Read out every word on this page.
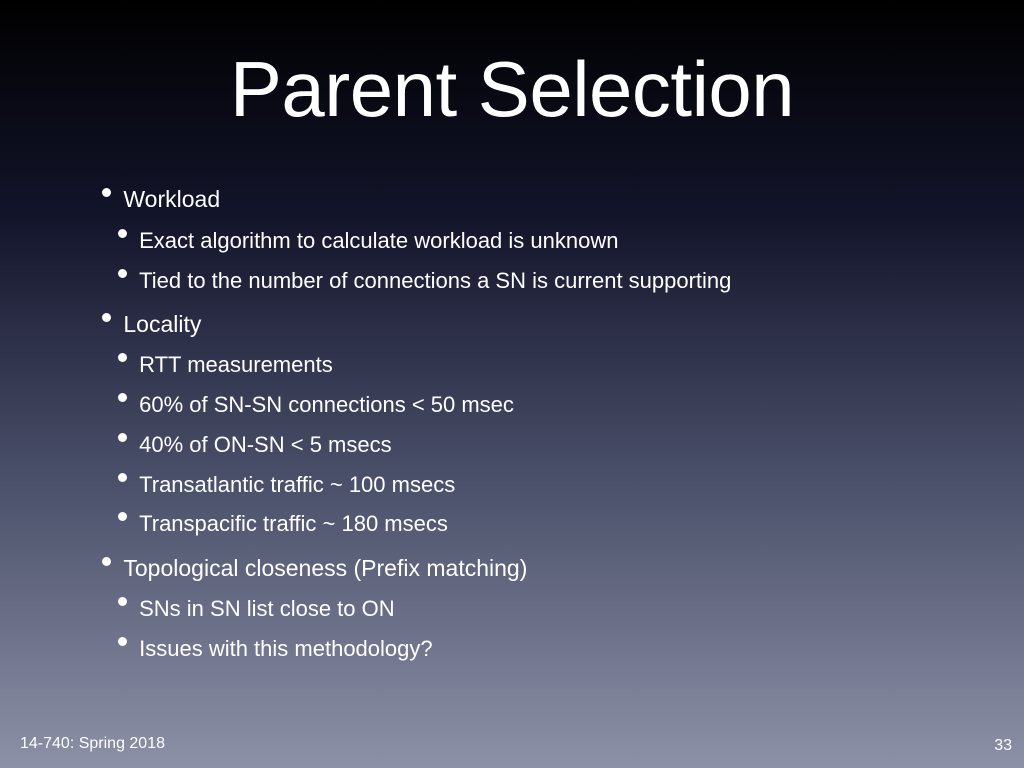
Parent Selection
Workload
Exact algorithm to calculate workload is unknown
Tied to the number of connections a SN is current supporting
Locality
RTT measurements
60% of SN-SN connections < 50 msec
40% of ON-SN < 5 msecs
Transatlantic traffic ~ 100 msecs
Transpacific traffic ~ 180 msecs
Topological closeness (Prefix matching)
SNs in SN list close to ON
Issues with this methodology?
14-740: Spring 2018	33
